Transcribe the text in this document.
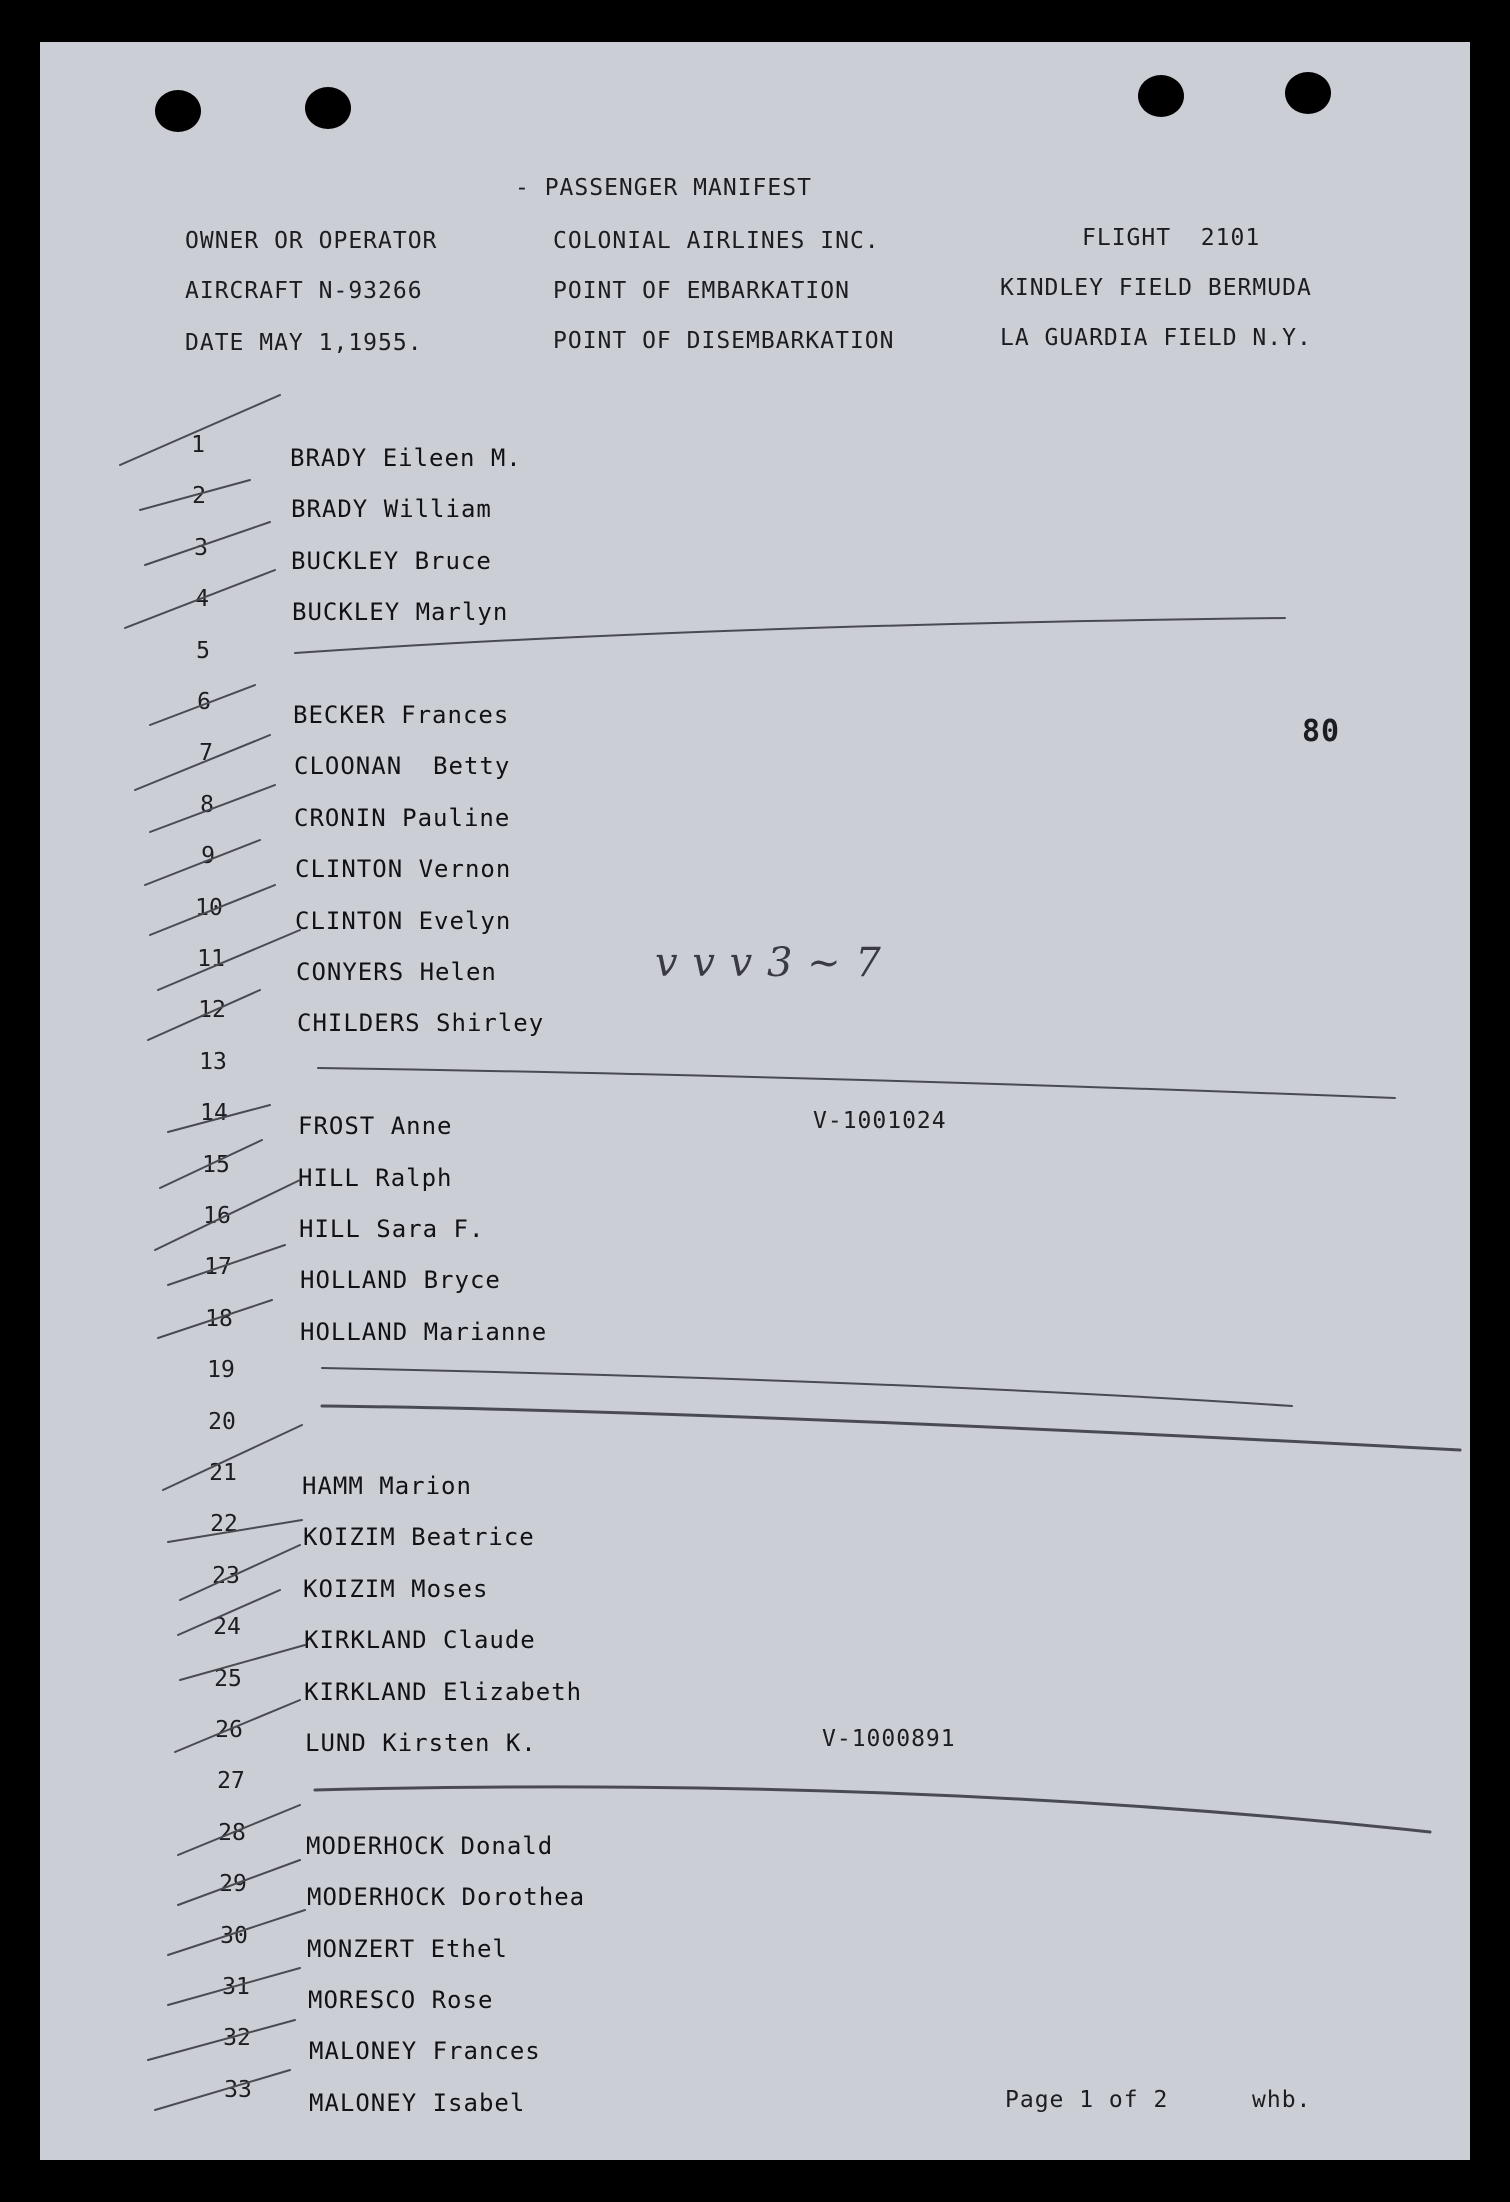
- PASSENGER MANIFEST
OWNER OR OPERATOR	COLONIAL AIRLINES INC.	FLIGHT  2101
AIRCRAFT N-93266	POINT OF EMBARKATION	KINDLEY FIELD BERMUDA
DATE MAY 1,1955.	POINT OF DISEMBARKATION	LA GUARDIA FIELD N.Y.
80
v v v 3 ~ 7
V-1001024
V-1000891
1	BRADY Eileen M.
2	BRADY William
3	BUCKLEY Bruce
4	BUCKLEY Marlyn
5
6	BECKER Frances
7	CLOONAN  Betty
8	CRONIN Pauline
9	CLINTON Vernon
10	CLINTON Evelyn
11	CONYERS Helen
12	CHILDERS Shirley
13
14	FROST Anne
15	HILL Ralph
16	HILL Sara F.
17	HOLLAND Bryce
18	HOLLAND Marianne
19
20
21	HAMM Marion
22	KOIZIM Beatrice
23	KOIZIM Moses
24	KIRKLAND Claude
25	KIRKLAND Elizabeth
26	LUND Kirsten K.
27
28	MODERHOCK Donald
29	MODERHOCK Dorothea
30	MONZERT Ethel
31	MORESCO Rose
32	MALONEY Frances
33	MALONEY Isabel	Page 1 of 2	whb.
